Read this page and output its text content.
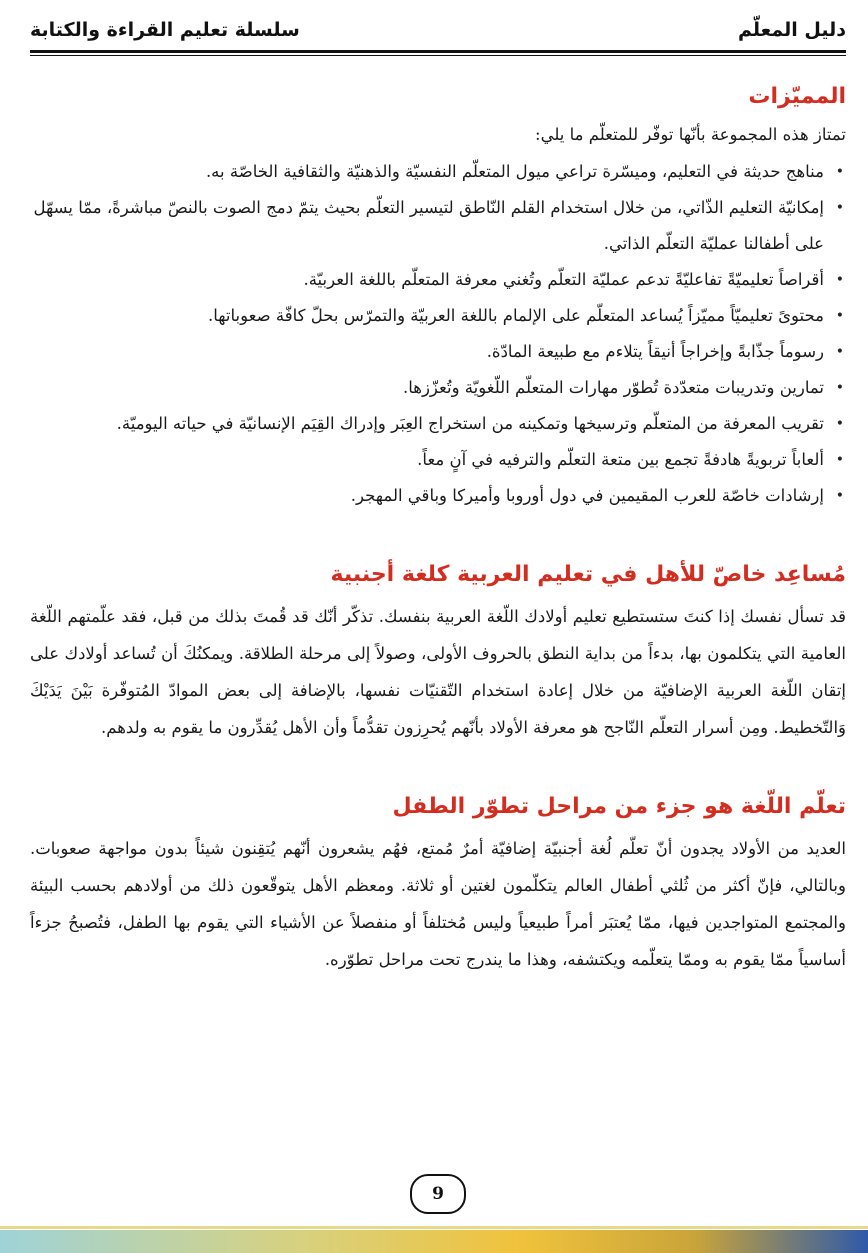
دليل المعلّم
سلسلة تعليم القراءة والكتابة
المميّزات

تمتاز هذه المجموعة بأنّها توفّر للمتعلّم ما يلي:

•
مناهج حديثة في التعليم، وميسّرة تراعي ميول المتعلّم النفسيّة والذهنيّة والثقافية الخاصّة به.
•
إمكانيّة التعليم الذّاتي، من خلال استخدام القلم النّاطق لتيسير التعلّم بحيث يتمّ دمج الصوت بالنصّ مباشرةً، ممّا يسهّل على أطفالنا عمليّة التعلّم الذاتي.
•
أقراصاً تعليميّةً تفاعليّةً تدعم عمليّة التعلّم وتُغني معرفة المتعلّم باللغة العربيّة.
•
محتوىً تعليميّاً مميّزاً يُساعد المتعلّم على الإلمام باللغة العربيّة والتمرّس بحلّ كافّة صعوباتها.
•
رسوماً جذّابةً وإخراجاً أنيقاً يتلاءم مع طبيعة المادّة.
•
تمارين وتدريبات متعدّدة تُطوّر مهارات المتعلّم اللّغويّة وتُعزّزها.
•
تقريب المعرفة من المتعلّم وترسيخها وتمكينه من استخراج العِبَر وإدراك القِيَم الإنسانيّة في حياته اليوميّة.
•
ألعاباً تربويةً هادفةً تجمع بين متعة التعلّم والترفيه في آنٍ معاً.
•
إرشادات خاصّة للعرب المقيمين في دول أوروبا وأميركا وباقي المهجر.
مُساعِد خاصّ للأهل في تعليم العربية كلغة أجنبية

قد تسأل نفسك إذا كنتَ ستستطيع تعليم أولادك اللّغة العربية بنفسك. تذكّر أنّك قد قُمتَ بذلك من قبل، فقد علّمتهم اللّغة العامية التي يتكلمون بها، بدءاً من بداية النطق بالحروف الأولى، وصولاً إلى مرحلة الطلاقة. ويمكنُكَ أن تُساعد أولادك على إتقان اللّغة العربية الإضافيّة من خلال إعادة استخدام التّقنيّات نفسها، بالإضافة إلى بعض الموادّ المُتوفّرة بَيْنَ يَدَيْكَ وَالتّخطيط. ومِن أسرار التعلّم النّاجح هو معرفة الأولاد بأنّهم يُحرِزون تقدُّماً وأن الأهل يُقدِّرون ما يقوم به ولدهم.

تعلّم اللّغة هو جزء من مراحل تطوّر الطفل

العديد من الأولاد يجدون أنّ تعلّم لُغة أجنبيّة إضافيّة أمرٌ مُمتع، فهُم يشعرون أنّهم يُتقِنون شيئاً بدون مواجهة صعوبات. وبالتالي، فإنّ أكثر من ثُلثي أطفال العالم يتكلّمون لغتين أو ثلاثة. ومعظم الأهل يتوقّعون ذلك من أولادهم بحسب البيئة والمجتمع المتواجدين فيها، ممّا يُعتبَر أمراً طبيعياً وليس مُختلفاً أو منفصلاً عن الأشياء التي يقوم بها الطفل، فتُصبحُ جزءاً أساسياً ممّا يقوم به وممّا يتعلّمه ويكتشفه، وهذا ما يندرج تحت مراحل تطوّره.

9
